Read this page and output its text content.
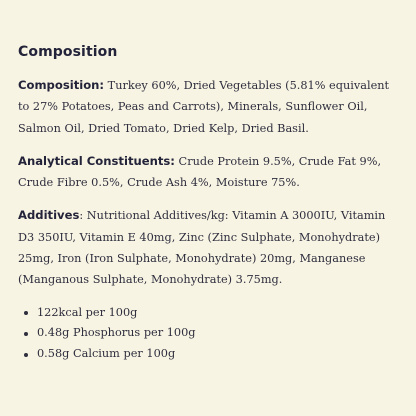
Composition
Composition: Turkey 60%, Dried Vegetables (5.81% equivalent
to 27% Potatoes, Peas and Carrots), Minerals, Sunflower Oil,
Salmon Oil, Dried Tomato, Dried Kelp, Dried Basil.
Analytical Constituents: Crude Protein 9.5%, Crude Fat 9%,
Crude Fibre 0.5%, Crude Ash 4%, Moisture 75%.
Additives: Nutritional Additives/kg: Vitamin A 3000IU, Vitamin
D3 350IU, Vitamin E 40mg, Zinc (Zinc Sulphate, Monohydrate)
25mg, Iron (Iron Sulphate, Monohydrate) 20mg, Manganese
(Manganous Sulphate, Monohydrate) 3.75mg.
122kcal per 100g
0.48g Phosphorus per 100g
0.58g Calcium per 100g
